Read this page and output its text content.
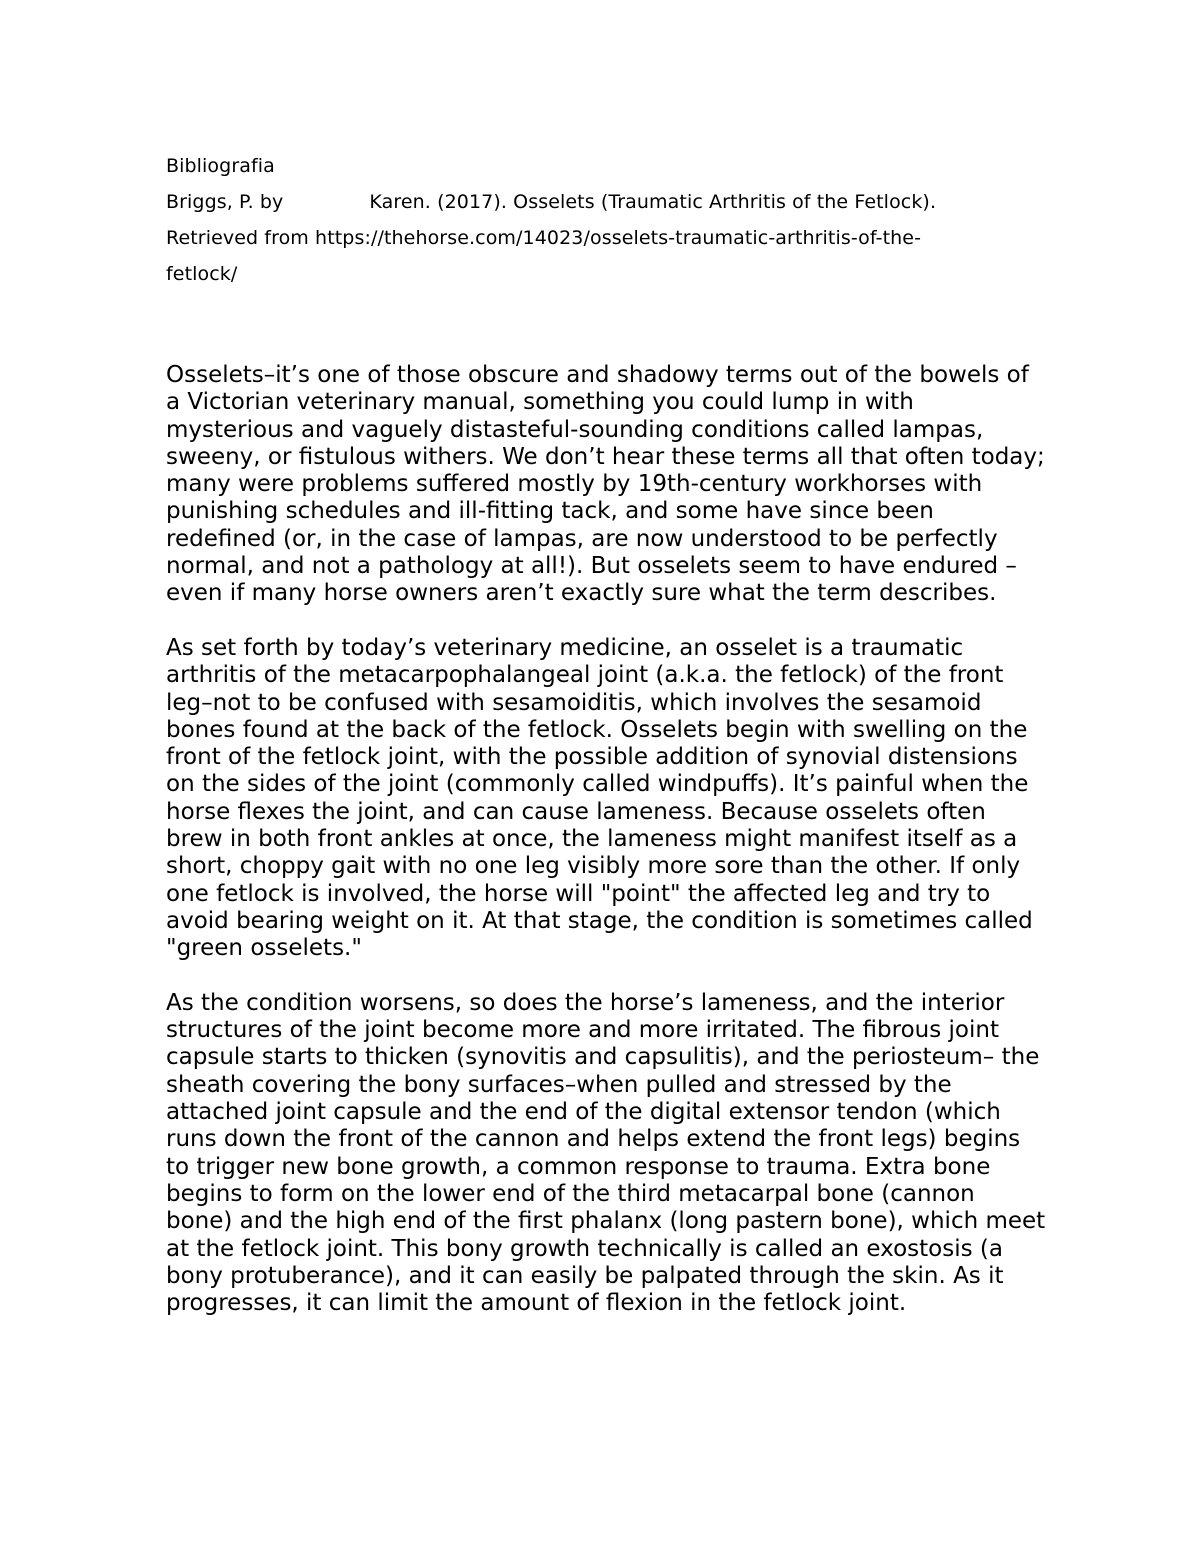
Bibliografia
Briggs, P. by	Karen. (2017). Osselets (Traumatic Arthritis of the Fetlock).
Retrieved from https://thehorse.com/14023/osselets-traumatic-arthritis-of-the-
fetlock/

Osselets–it’s one of those obscure and shadowy terms out of the bowels of a Victorian veterinary manual, something you could lump in with mysterious and vaguely distasteful-sounding conditions called lampas, sweeny, or fistulous withers. We don’t hear these terms all that often today; many were problems suffered mostly by 19th-century workhorses with punishing schedules and ill-fitting tack, and some have since been redefined (or, in the case of lampas, are now understood to be perfectly normal, and not a pathology at all!). But osselets seem to have endured –even if many horse owners aren’t exactly sure what the term describes.

As set forth by today’s veterinary medicine, an osselet is a traumatic arthritis of the metacarpophalangeal joint (a.k.a. the fetlock) of the front leg–not to be confused with sesamoiditis, which involves the sesamoid bones found at the back of the fetlock. Osselets begin with swelling on the front of the fetlock joint, with the possible addition of synovial distensions on the sides of the joint (commonly called windpuffs). It’s painful when the horse flexes the joint, and can cause lameness. Because osselets often brew in both front ankles at once, the lameness might manifest itself as a short, choppy gait with no one leg visibly more sore than the other. If only one fetlock is involved, the horse will "point" the affected leg and try to avoid bearing weight on it. At that stage, the condition is sometimes called "green osselets."

As the condition worsens, so does the horse’s lameness, and the interior structures of the joint become more and more irritated. The fibrous joint capsule starts to thicken (synovitis and capsulitis), and the periosteum– the sheath covering the bony surfaces–when pulled and stressed by the attached joint capsule and the end of the digital extensor tendon (which runs down the front of the cannon and helps extend the front legs) begins to trigger new bone growth, a common response to trauma. Extra bone begins to form on the lower end of the third metacarpal bone (cannon bone) and the high end of the first phalanx (long pastern bone), which meet at the fetlock joint. This bony growth technically is called an exostosis (a bony protuberance), and it can easily be palpated through the skin. As it progresses, it can limit the amount of flexion in the fetlock joint.
